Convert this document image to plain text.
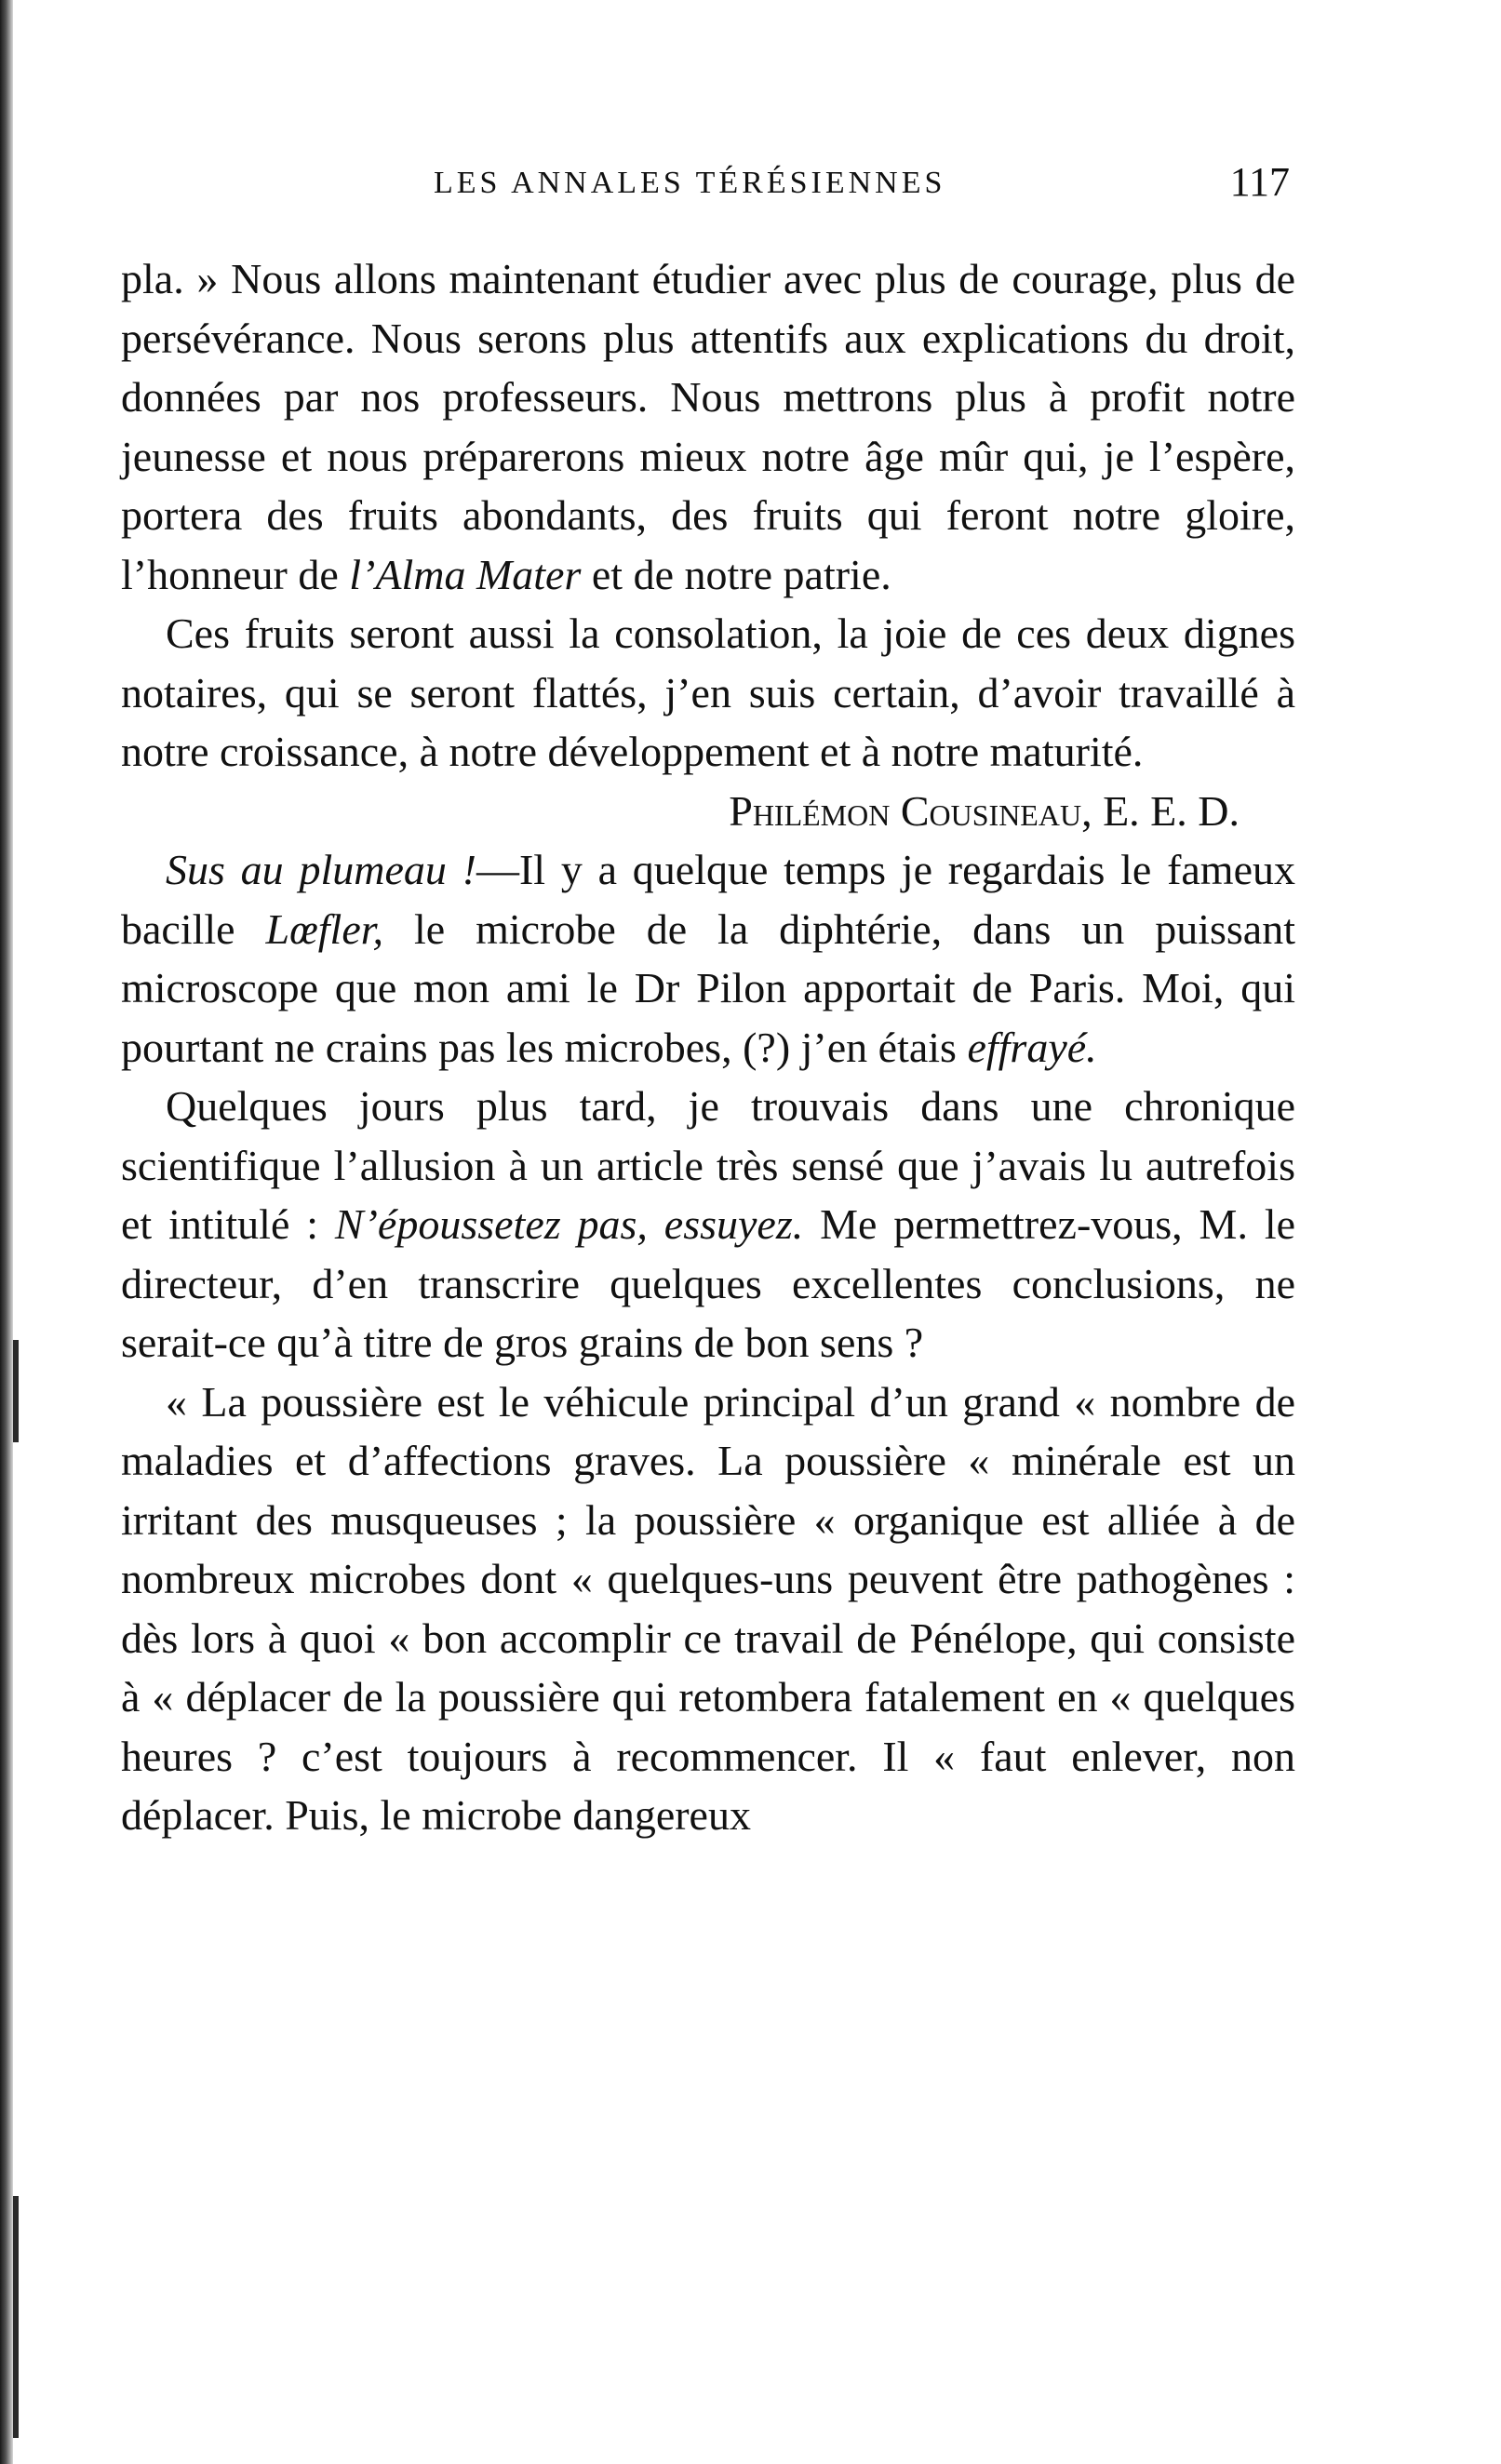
LES ANNALES TÉRÉSIENNES	117

pla. » Nous allons maintenant étudier avec plus de courage, plus de persévérance. Nous serons plus attentifs aux explications du droit, données par nos professeurs. Nous mettrons plus à profit notre jeunesse et nous préparerons mieux notre âge mûr qui, je l’espère, portera des fruits abondants, des fruits qui feront notre gloire, l’honneur de l’Alma Mater et de notre patrie.

Ces fruits seront aussi la consolation, la joie de ces deux dignes notaires, qui se seront flattés, j’en suis certain, d’avoir travaillé à notre croissance, à notre développement et à notre maturité.

Philémon Cousineau, E. E. D.

Sus au plumeau !—Il y a quelque temps je regardais le fameux bacille Lœfler, le microbe de la diphtérie, dans un puissant microscope que mon ami le Dr Pilon apportait de Paris. Moi, qui pourtant ne crains pas les microbes, (?) j’en étais effrayé.

Quelques jours plus tard, je trouvais dans une chronique scientifique l’allusion à un article très sensé que j’avais lu autrefois et intitulé : N’époussetez pas, essuyez. Me permettrez-vous, M. le directeur, d’en transcrire quelques excellentes conclusions, ne serait-ce qu’à titre de gros grains de bon sens ?

« La poussière est le véhicule principal d’un grand « nombre de maladies et d’affections graves. La poussière « minérale est un irritant des musqueuses ; la poussière « organique est alliée à de nombreux microbes dont « quelques-uns peuvent être pathogènes : dès lors à quoi « bon accomplir ce travail de Pénélope, qui consiste à « déplacer de la poussière qui retombera fatalement en « quelques heures ? c’est toujours à recommencer. Il « faut enlever, non déplacer. Puis, le microbe dangereux
